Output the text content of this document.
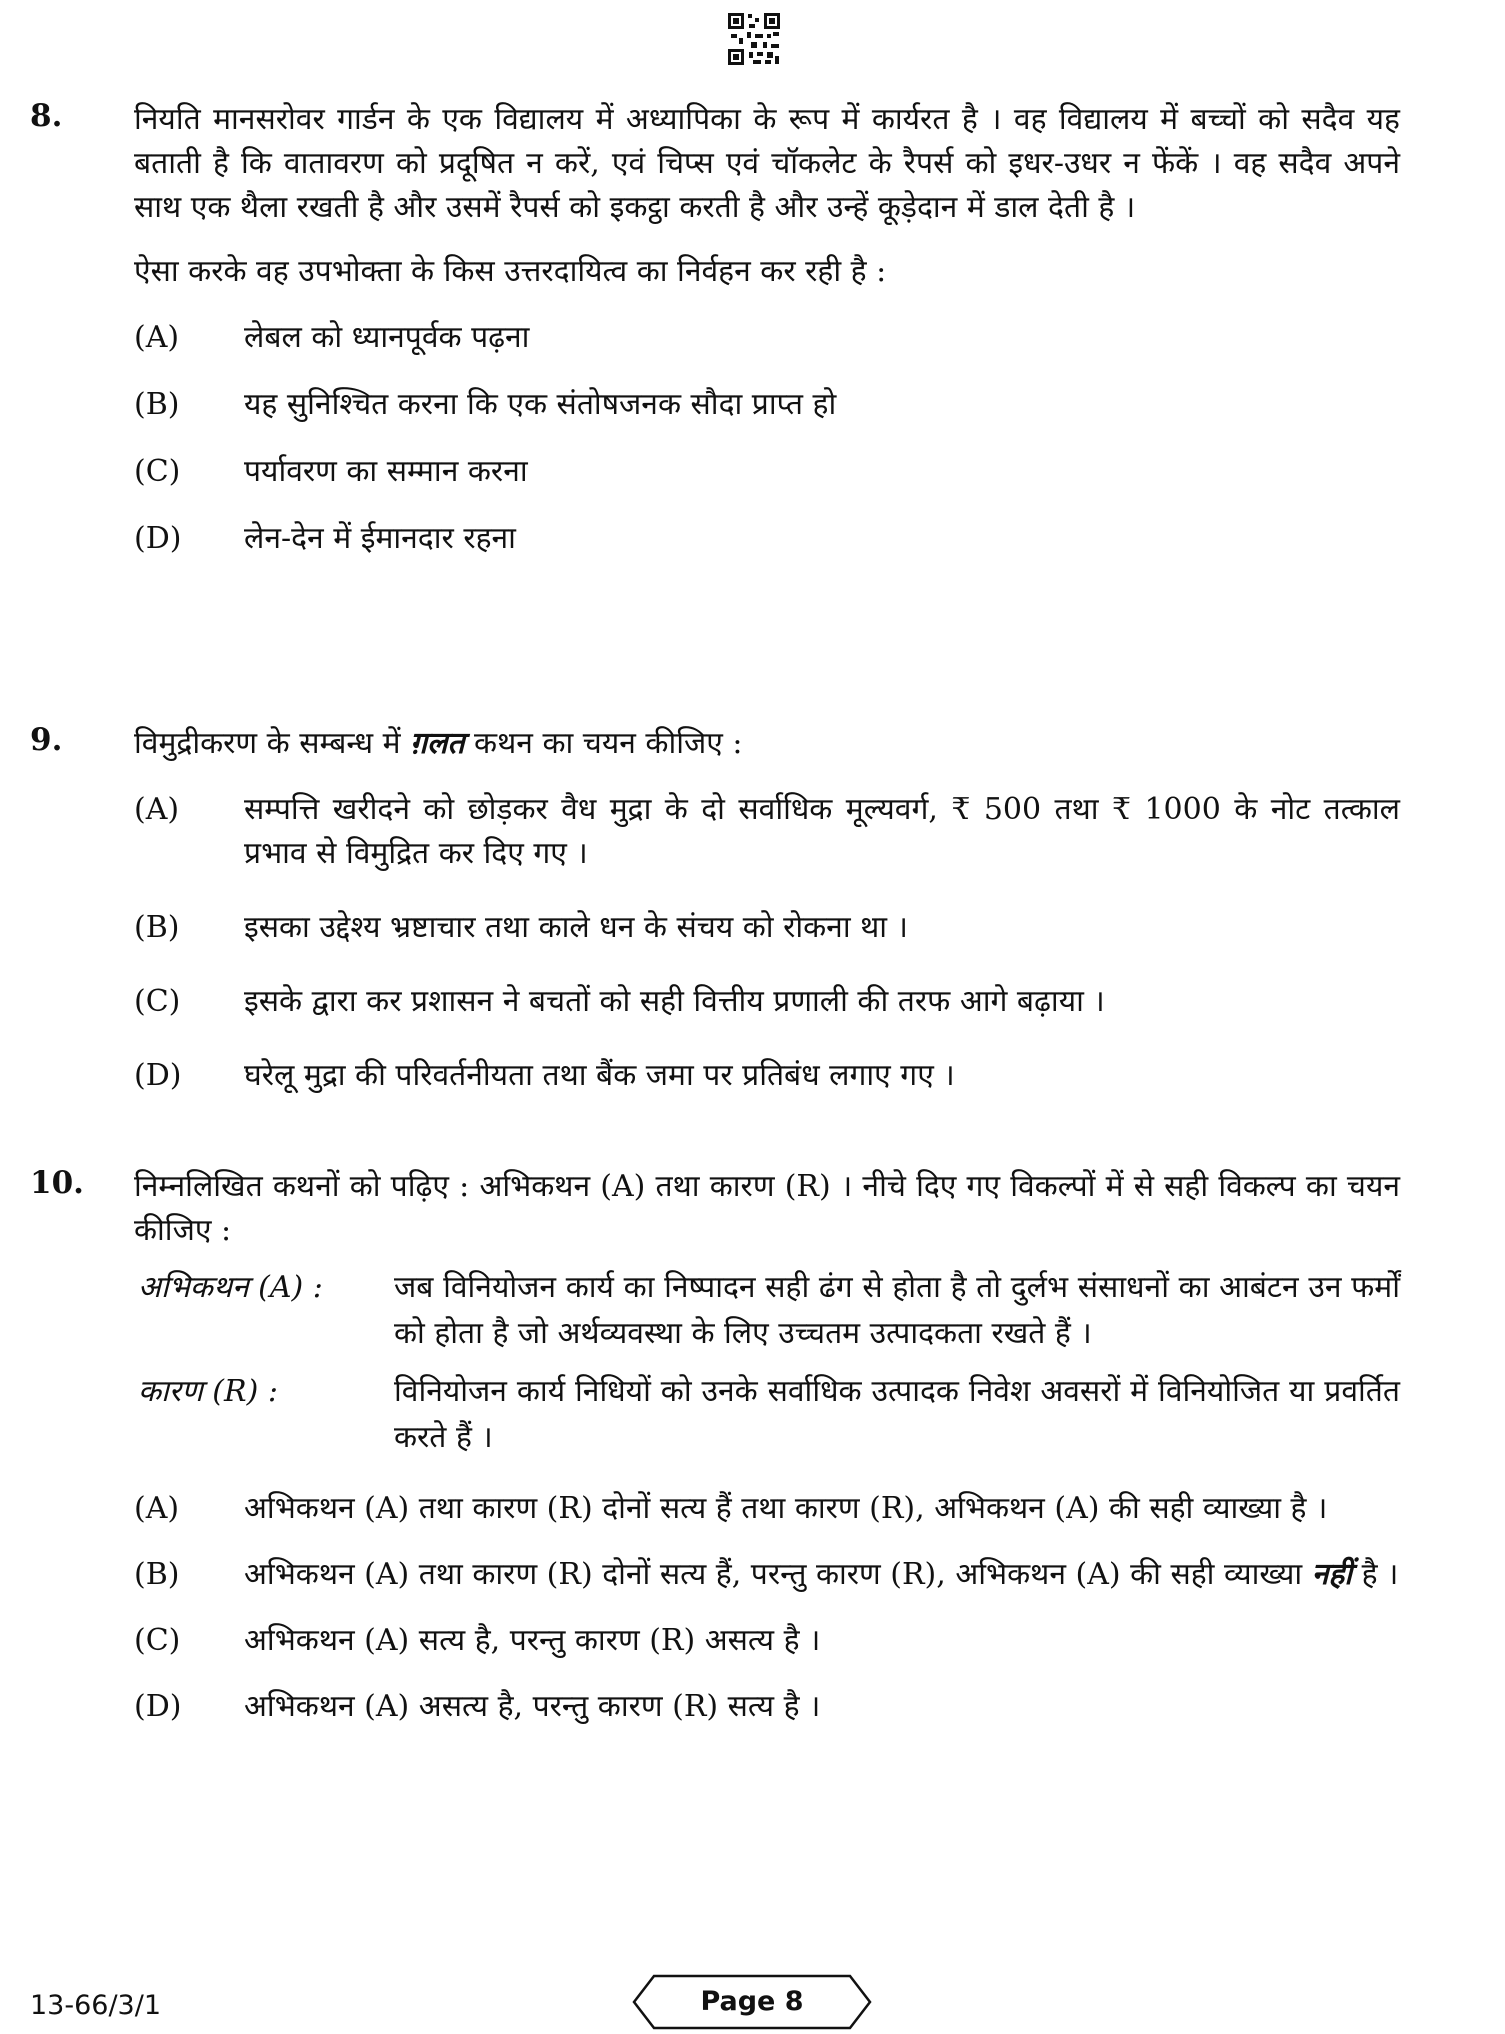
8. नियति मानसरोवर गार्डन के एक विद्यालय में अध्यापिका के रूप में कार्यरत है । वह विद्यालय में बच्चों को सदैव यह बताती है कि वातावरण को प्रदूषित न करें, एवं चिप्स एवं चॉकलेट के रैपर्स को इधर-उधर न फेंकें । वह सदैव अपने साथ एक थैला रखती है और उसमें रैपर्स को इकट्ठा करती है और उन्हें कूड़ेदान में डाल देती है ।

ऐसा करके वह उपभोक्ता के किस उत्तरदायित्व का निर्वहन कर रही है :

(A) लेबल को ध्यानपूर्वक पढ़ना
(B) यह सुनिश्चित करना कि एक संतोषजनक सौदा प्राप्त हो
(C) पर्यावरण का सम्मान करना
(D) लेन-देन में ईमानदार रहना
9. विमुद्रीकरण के सम्बन्ध में ग़लत कथन का चयन कीजिए :

(A) सम्पत्ति खरीदने को छोड़कर वैध मुद्रा के दो सर्वाधिक मूल्यवर्ग, ₹ 500 तथा ₹ 1000 के नोट तत्काल प्रभाव से विमुद्रित कर दिए गए ।
(B) इसका उद्देश्य भ्रष्टाचार तथा काले धन के संचय को रोकना था ।
(C) इसके द्वारा कर प्रशासन ने बचतों को सही वित्तीय प्रणाली की तरफ आगे बढ़ाया ।
(D) घरेलू मुद्रा की परिवर्तनीयता तथा बैंक जमा पर प्रतिबंध लगाए गए ।
10. निम्नलिखित कथनों को पढ़िए : अभिकथन (A) तथा कारण (R) । नीचे दिए गए विकल्पों में से सही विकल्प का चयन कीजिए :

अभिकथन (A) : जब विनियोजन कार्य का निष्पादन सही ढंग से होता है तो दुर्लभ संसाधनों का आबंटन उन फर्मों को होता है जो अर्थव्यवस्था के लिए उच्चतम उत्पादकता रखते हैं ।
कारण (R) :	विनियोजन कार्य निधियों को उनके सर्वाधिक उत्पादक निवेश अवसरों में विनियोजित या प्रवर्तित करते हैं ।
(A) अभिकथन (A) तथा कारण (R) दोनों सत्य हैं तथा कारण (R), अभिकथन (A) की सही व्याख्या है ।
(B) अभिकथन (A) तथा कारण (R) दोनों सत्य हैं, परन्तु कारण (R), अभिकथन (A) की सही व्याख्या नहीं है ।
(C) अभिकथन (A) सत्य है, परन्तु कारण (R) असत्य है ।
(D) अभिकथन (A) असत्य है, परन्तु कारण (R) सत्य है ।
13-66/3/1	Page 8
